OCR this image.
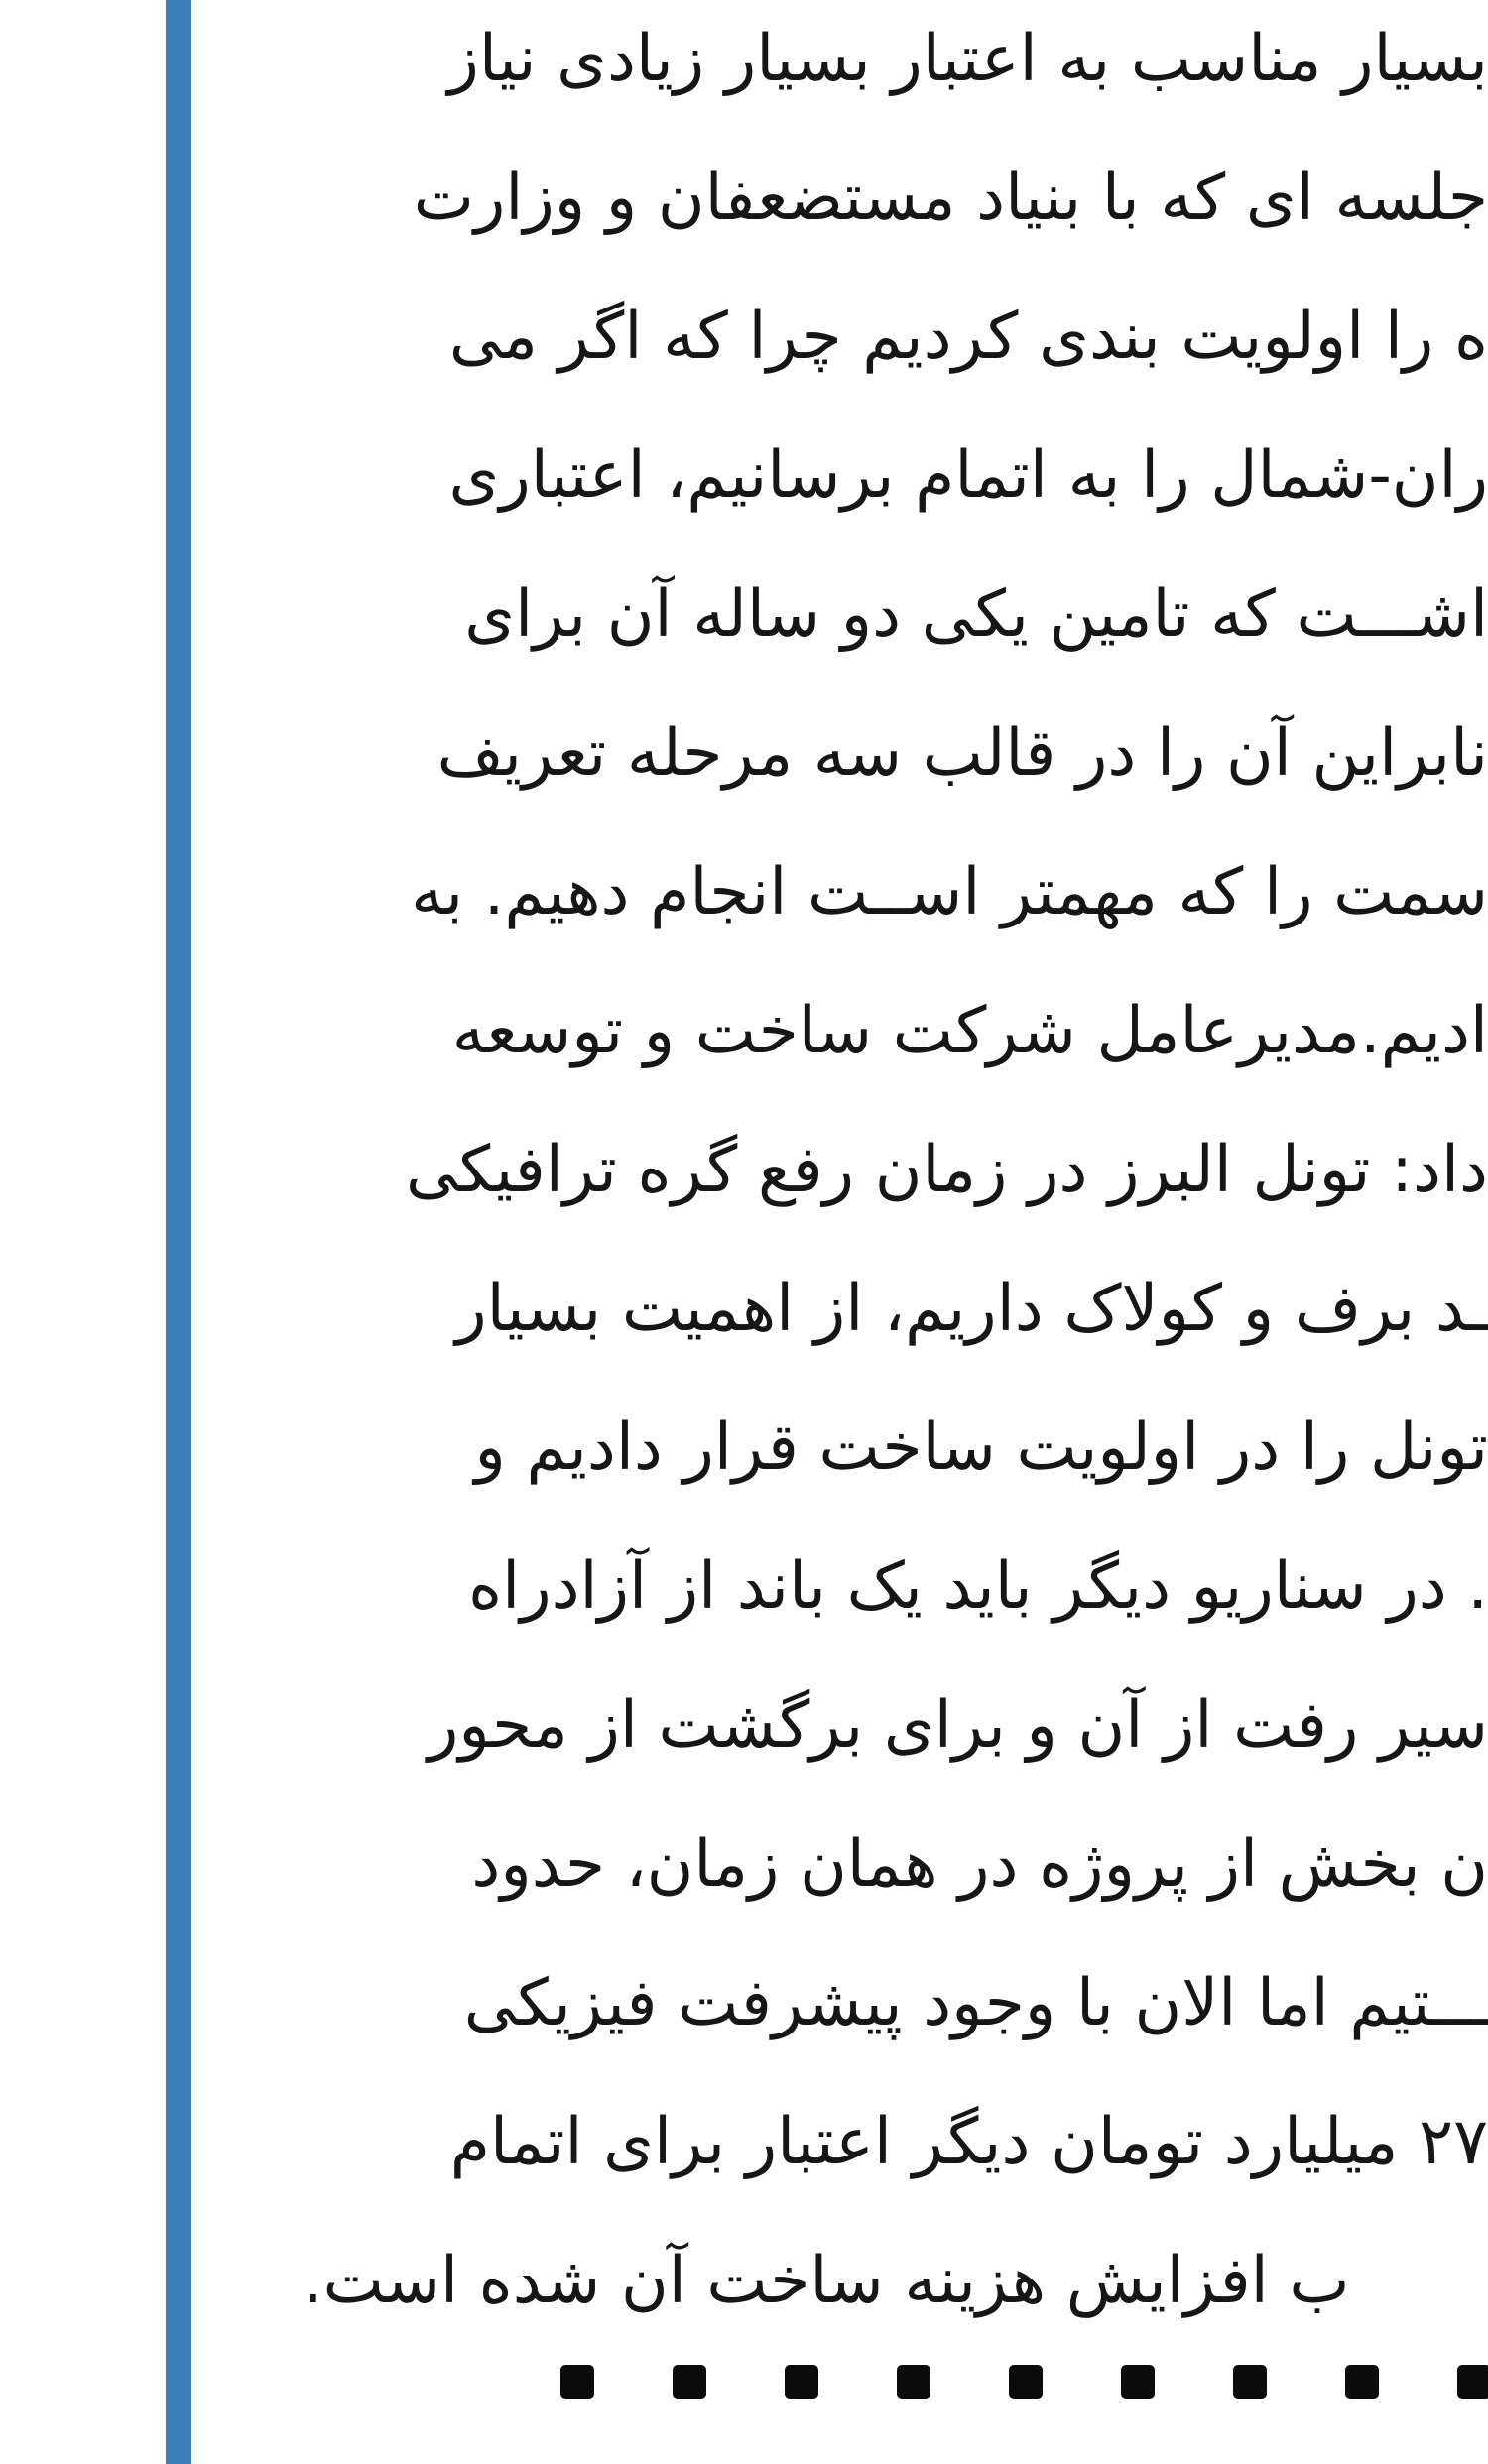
بسیار مناسب به اعتبار بسیار زیادی نیاز
جلسه ای که با بنیاد مستضعفان و وزارت
ه را اولویت بندی کردیم چرا که اگر می
ران-شمال را به اتمام برسانیم، اعتباری
اشـــت که تامین یکی دو ساله آن برای
نابراین آن را در قالب سه مرحله تعریف
سمت را که مهمتر اســت انجام دهیم. به
ادیم.مدیرعامل شرکت ساخت و توسعه
داد: تونل البرز در زمان رفع گره ترافیکی
ـد برف و کولاک داریم، از اهمیت بسیار
تونل را در اولویت ساخت قرار دادیم و
. در سناریو دیگر باید یک باند از آزادراه
سیر رفت از آن و برای برگشت از محور
ن بخش از پروژه در همان زمان، حدود
ـــتیم اما الان با وجود پیشرفت فیزیکی
۲۷ میلیارد تومان دیگر اعتبار برای اتمام
ب افزایش هزینه ساخت آن شده است.
